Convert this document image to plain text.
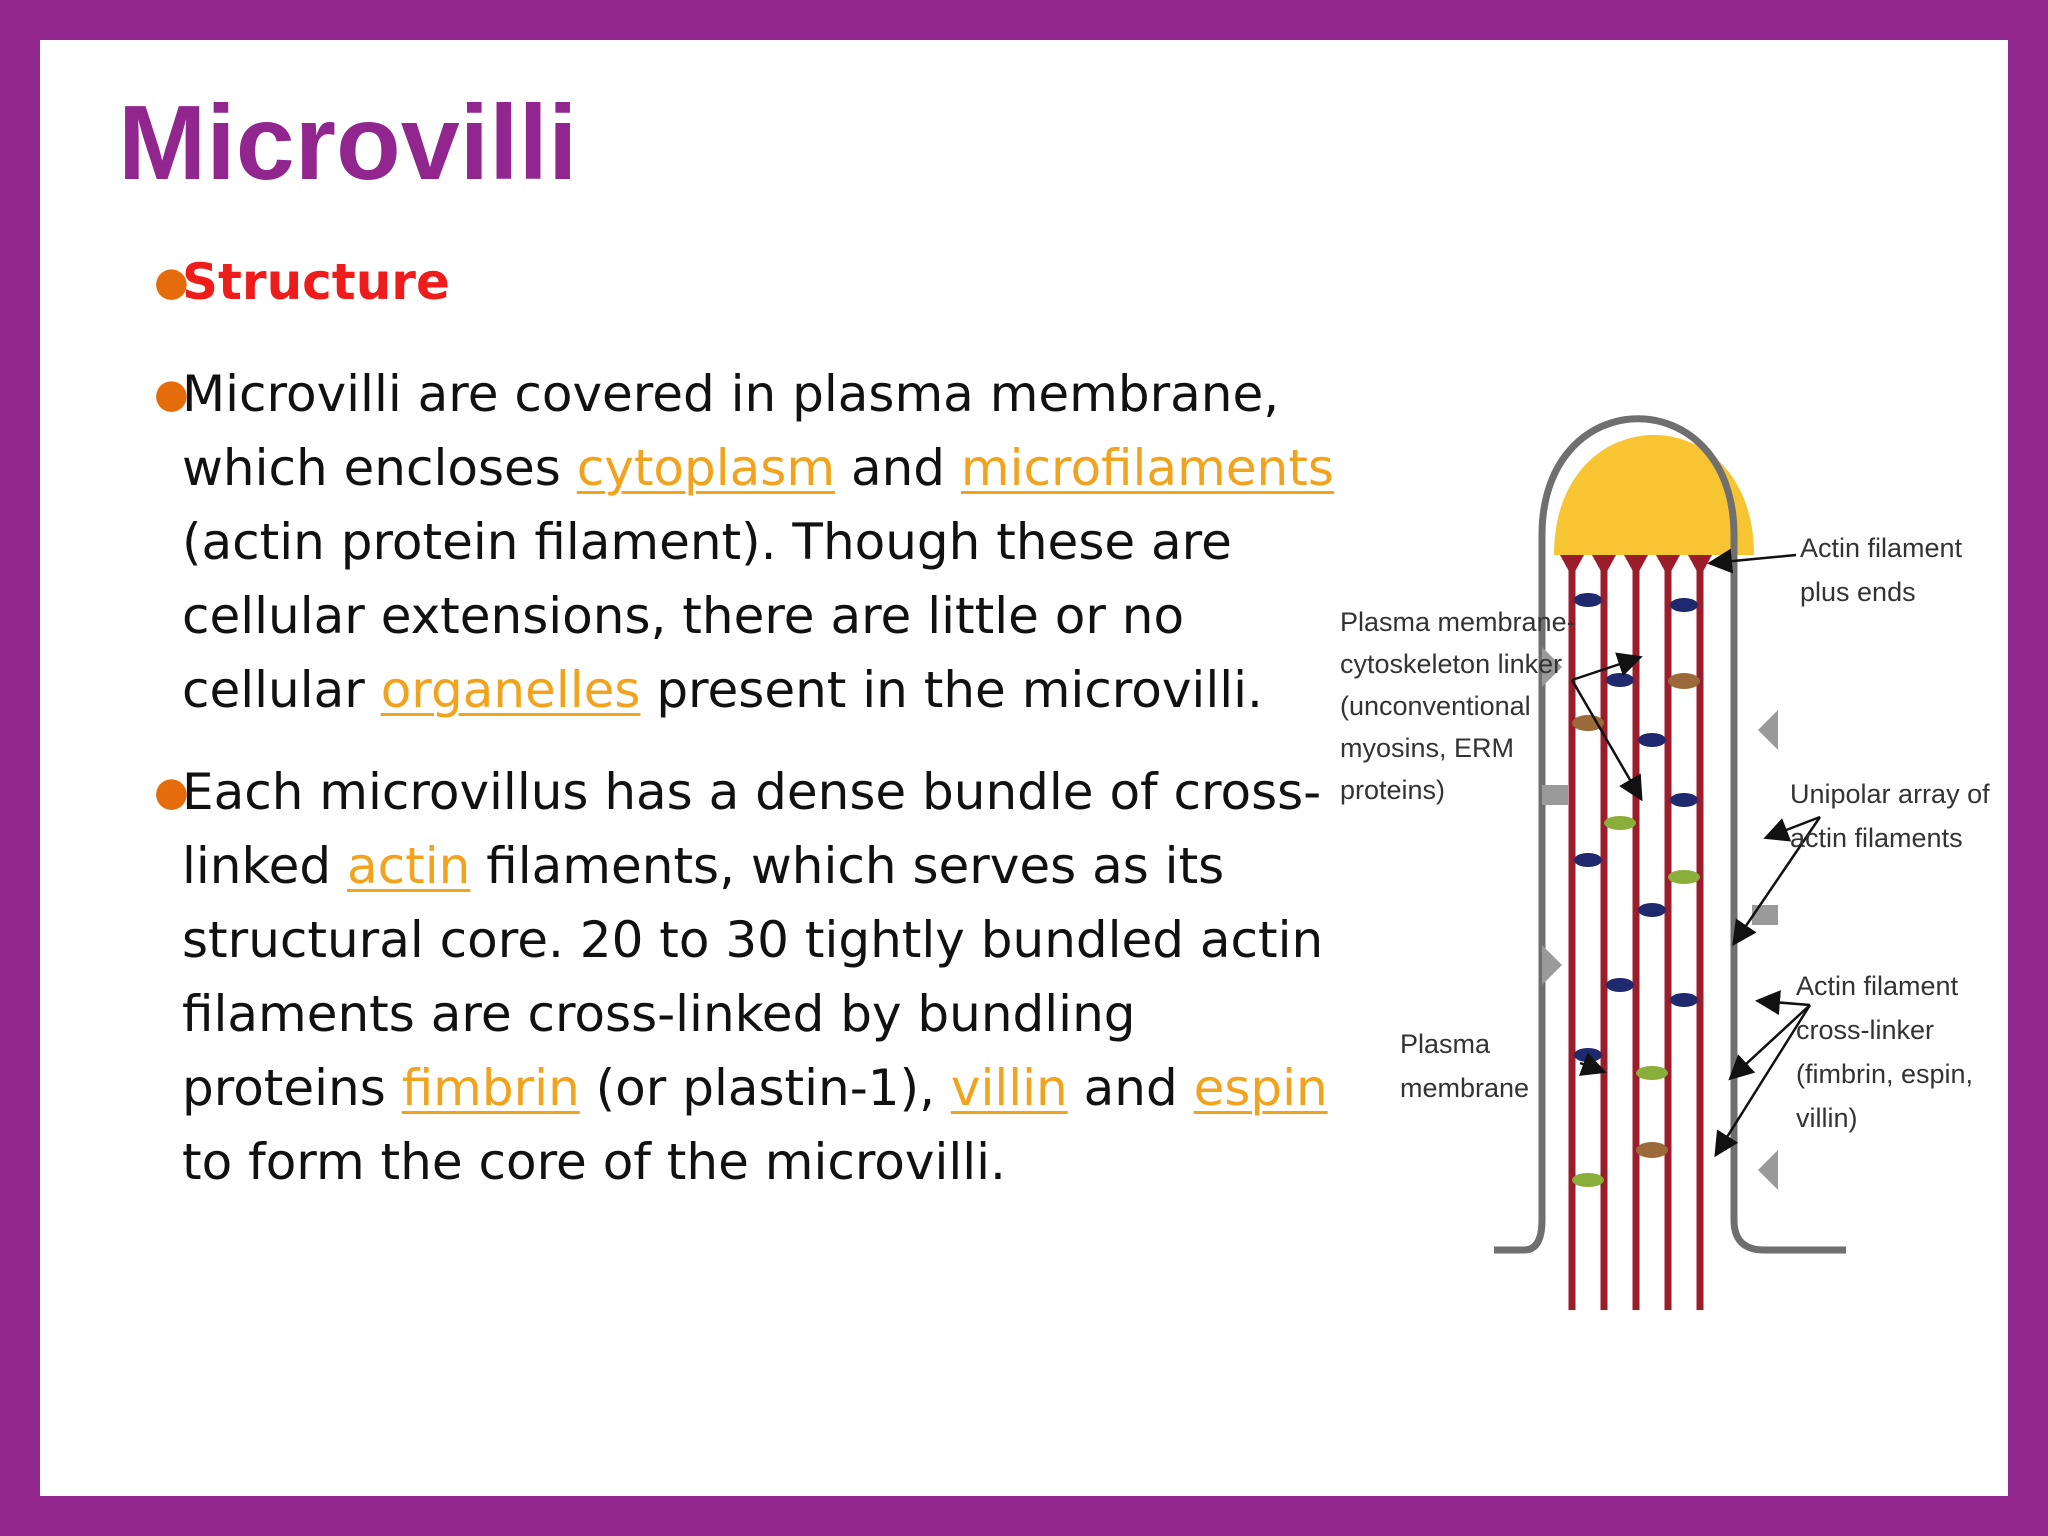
Microvilli
●
Structure
●
Microvilli are covered in plasma membrane, which encloses cytoplasm and microfilaments (actin protein filament). Though these are cellular extensions, there are little or no cellular organelles present in the microvilli.
●
Each microvillus has a dense bundle of cross-linked actin filaments, which serves as its structural core. 20 to 30 tightly bundled actin filaments are cross-linked by bundling proteins fimbrin (or plastin-1), villin and espin to form the core of the microvilli.
Plasma membrane- cytoskeleton linker (unconventional myosins, ERM proteins)
Actin filament plus ends
Unipolar array of actin filaments
Plasma membrane
Actin filament cross-linker (fimbrin, espin, villin)
